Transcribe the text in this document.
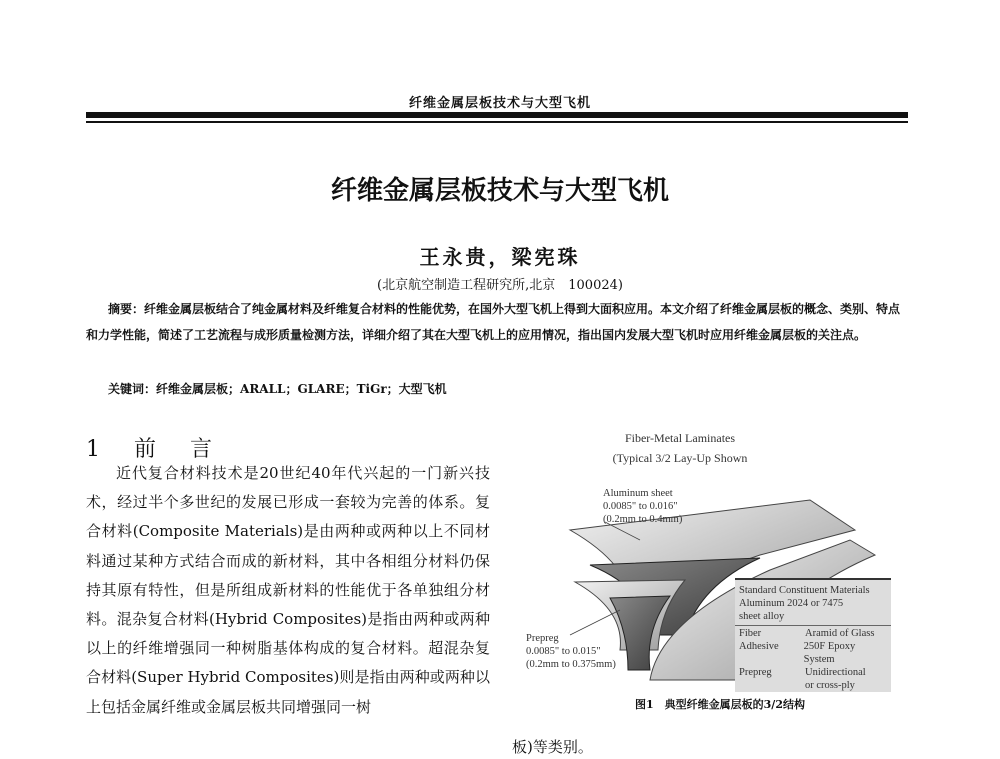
纤维金属层板技术与大型飞机
纤维金属层板技术与大型飞机
王永贵，梁宪珠
(北京航空制造工程研究所,北京　100024)
摘要：纤维金属层板结合了纯金属材料及纤维复合材料的性能优势，在国外大型飞机上得到大面积应用。本文介绍了纤维金属层板的概念、类别、特点和力学性能，简述了工艺流程与成形质量检测方法，详细介绍了其在大型飞机上的应用情况，指出国内发展大型飞机时应用纤维金属层板的关注点。
关键词：纤维金属层板；ARALL；GLARE；TiGr；大型飞机
1　前　言
近代复合材料技术是20世纪40年代兴起的一门新兴技术，经过半个多世纪的发展已形成一套较为完善的体系。复合材料(Composite Materials)是由两种或两种以上不同材料通过某种方式结合而成的新材料，其中各相组分材料仍保持其原有特性，但是所组成新材料的性能优于各单独组分材料。混杂复合材料(Hybrid Composites)是指由两种或两种以上的纤维增强同一种树脂基体构成的复合材料。超混杂复合材料(Super Hybrid Composites)则是指由两种或两种以上包括金属纤维或金属层板共同增强同一树
Fiber-Metal Laminates
(Typical 3/2 Lay-Up Shown
Aluminum sheet
0.0085" to 0.016"
(0.2mm to 0.4mm)
Prepreg
0.0085" to 0.015"
(0.2mm to 0.375mm)
Standard Constituent Materials
Aluminum 2024 or 7475
sheet alloy
Fiber	Aramid of Glass
Adhesive	250F Epoxy System
Prepreg	Unidirectional
or cross-ply
图1　典型纤维金属层板的3/2结构
板)等类别。
